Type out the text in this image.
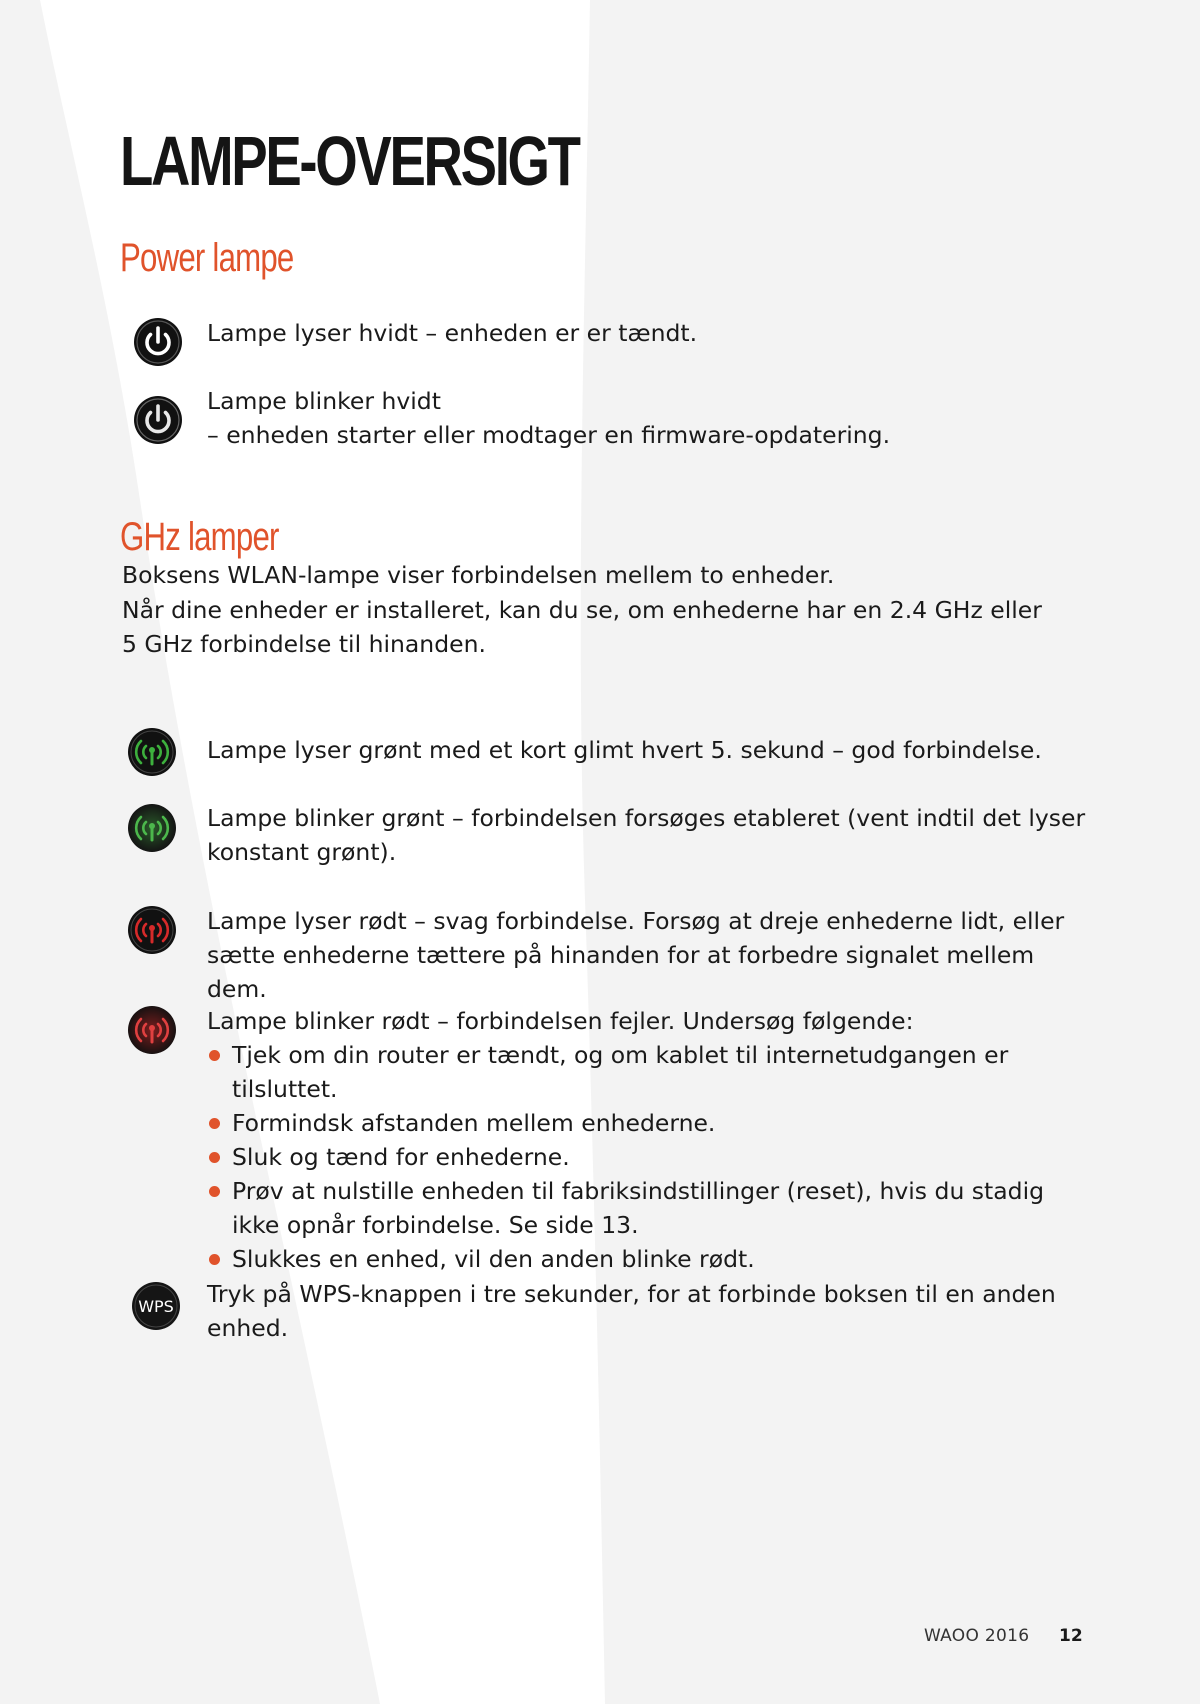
LAMPE-OVERSIGT
Power lampe

Lampe lyser hvidt – enheden er er tændt.

Lampe blinker hvidt

– enheden starter eller modtager en firmware-opdatering.

GHz lamper

Boksens WLAN-lampe viser forbindelsen mellem to enheder.

Når dine enheder er installeret, kan du se, om enhederne har en 2.4 GHz eller

5 GHz forbindelse til hinanden.

Lampe lyser grønt med et kort glimt hvert 5. sekund – god forbindelse.
Lampe blinker grønt – forbindelsen forsøges etableret (vent indtil det lyser konstant grønt).
Lampe lyser rødt – svag forbindelse. Forsøg at dreje enhederne lidt, eller sætte enhederne tættere på hinanden for at forbedre signalet mellem dem.

Lampe blinker rødt – forbindelsen fejler. Undersøg følgende:

Tjek om din router er tændt, og om kablet til internetudgangen er tilsluttet.
Formindsk afstanden mellem enhederne.
Sluk og tænd for enhederne.
Prøv at nulstille enheden til fabriksindstillinger (reset), hvis du stadig ikke opnår forbindelse. Se side 13.
Slukkes en enhed, vil den anden blinke rødt.
WPS Tryk på WPS-knappen i tre sekunder, for at forbinde boksen til en anden enhed.
WAOO 2016 12
